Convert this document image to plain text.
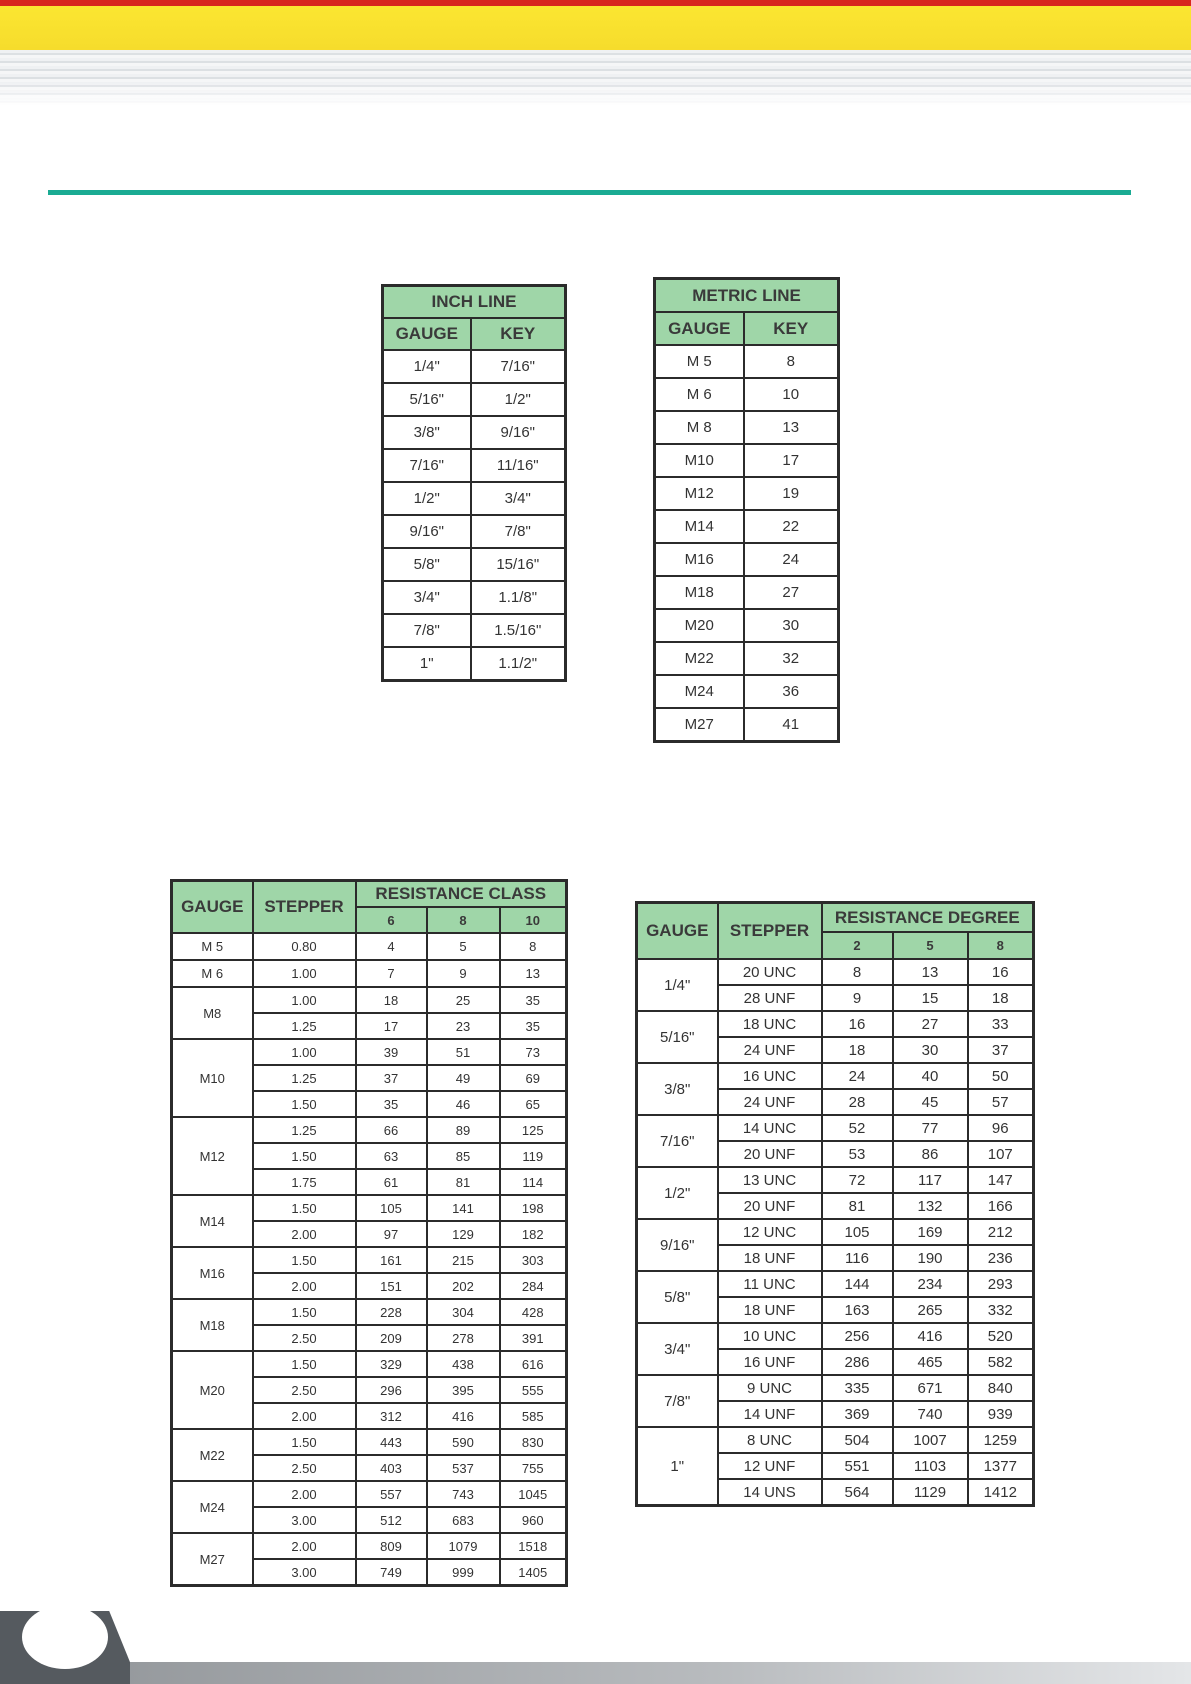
INCH LINE	
GAUGE	KEY
1/4"	7/16"
5/16"	1/2"
3/8"	9/16"
7/16"	11/16"
1/2"	3/4"
9/16"	7/8"
5/8"	15/16"
3/4"	1.1/8"
7/8"	1.5/16"
1"	1.1/2"
METRIC LINE	
GAUGE	KEY
M 5	8
M 6	10
M 8	13
M10	17
M12	19
M14	22
M16	24
M18	27
M20	30
M22	32
M24	36
M27	41
GAUGE	STEPPER	RESISTANCE CLASS		
		6	8	10
M 5	0.80	4	5	8
M 6	1.00	7	9	13
M8	1.00	18	25	35
	1.25	17	23	35
M10	1.00	39	51	73
	1.25	37	49	69
	1.50	35	46	65
M12	1.25	66	89	125
	1.50	63	85	119
	1.75	61	81	114
M14	1.50	105	141	198
	2.00	97	129	182
M16	1.50	161	215	303
	2.00	151	202	284
M18	1.50	228	304	428
	2.50	209	278	391
M20	1.50	329	438	616
	2.50	296	395	555
	2.00	312	416	585
M22	1.50	443	590	830
	2.50	403	537	755
M24	2.00	557	743	1045
	3.00	512	683	960
M27	2.00	809	1079	1518
	3.00	749	999	1405
GAUGE	STEPPER	RESISTANCE DEGREE		
		2	5	8
1/4"	20 UNC	8	13	16
	28 UNF	9	15	18
5/16"	18 UNC	16	27	33
	24 UNF	18	30	37
3/8"	16 UNC	24	40	50
	24 UNF	28	45	57
7/16"	14 UNC	52	77	96
	20 UNF	53	86	107
1/2"	13 UNC	72	117	147
	20 UNF	81	132	166
9/16"	12 UNC	105	169	212
	18 UNF	116	190	236
5/8"	11 UNC	144	234	293
	18 UNF	163	265	332
3/4"	10 UNC	256	416	520
	16 UNF	286	465	582
7/8"	9 UNC	335	671	840
	14 UNF	369	740	939
1"	8 UNC	504	1007	1259
	12 UNF	551	1103	1377
	14 UNS	564	1129	1412
